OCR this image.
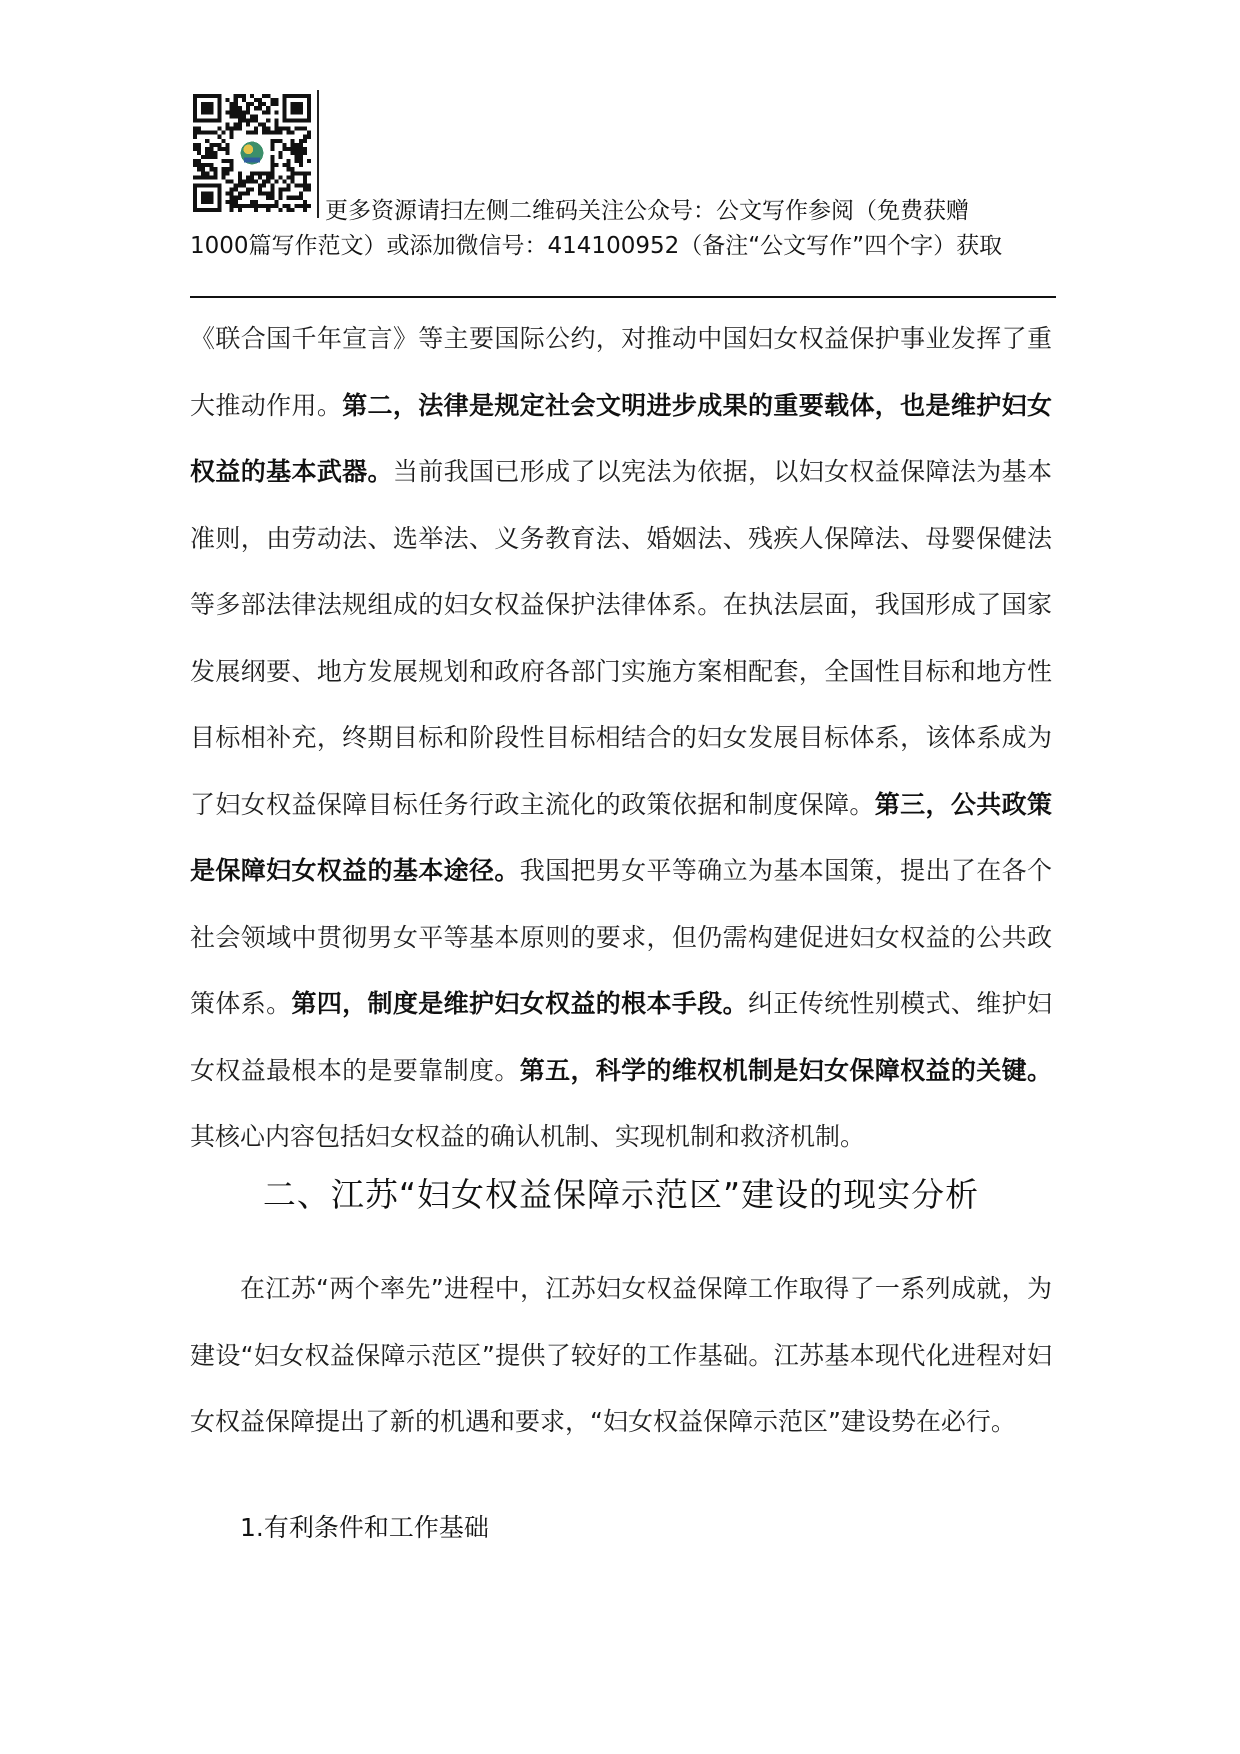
更多资源请扫左侧二维码关注公众号：公文写作参阅（免费获赠
1000篇写作范文）或添加微信号：414100952（备注“公文写作”四个字）获取
《联合国千年宣言》等主要国际公约，对推动中国妇女权益保护事业发挥了重大推动作用。第二，法律是规定社会文明进步成果的重要载体，也是维护妇女权益的基本武器。当前我国已形成了以宪法为依据，以妇女权益保障法为基本准则，由劳动法、选举法、义务教育法、婚姻法、残疾人保障法、母婴保健法等多部法律法规组成的妇女权益保护法律体系。在执法层面，我国形成了国家发展纲要、地方发展规划和政府各部门实施方案相配套，全国性目标和地方性目标相补充，终期目标和阶段性目标相结合的妇女发展目标体系，该体系成为了妇女权益保障目标任务行政主流化的政策依据和制度保障。第三，公共政策是保障妇女权益的基本途径。我国把男女平等确立为基本国策，提出了在各个社会领域中贯彻男女平等基本原则的要求，但仍需构建促进妇女权益的公共政策体系。第四，制度是维护妇女权益的根本手段。纠正传统性别模式、维护妇女权益最根本的是要靠制度。第五，科学的维权机制是妇女保障权益的关键。其核心内容包括妇女权益的确认机制、实现机制和救济机制。
二、江苏“妇女权益保障示范区”建设的现实分析
在江苏“两个率先”进程中，江苏妇女权益保障工作取得了一系列成就，为建设“妇女权益保障示范区”提供了较好的工作基础。江苏基本现代化进程对妇女权益保障提出了新的机遇和要求，“妇女权益保障示范区”建设势在必行。
1.有利条件和工作基础
